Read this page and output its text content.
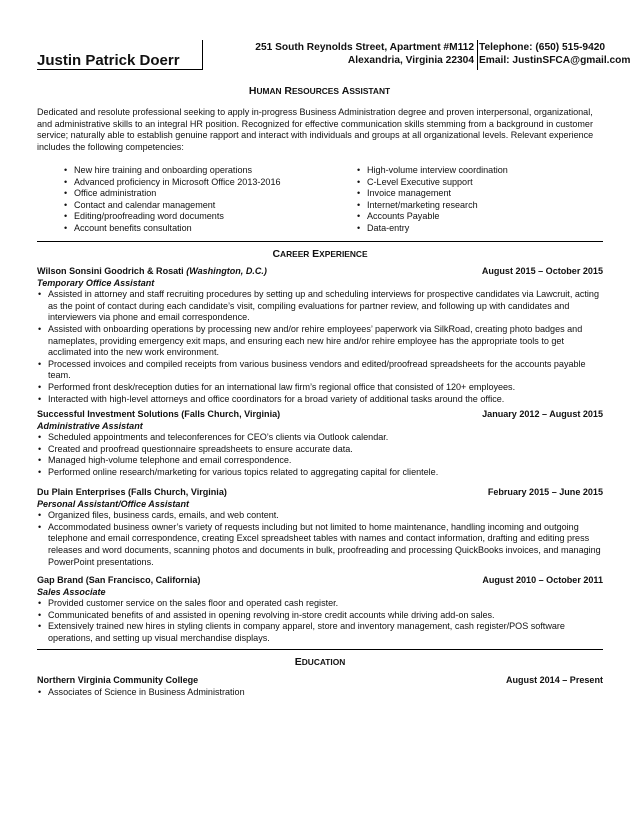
Justin Patrick Doerr
251 South Reynolds Street, Apartment #M112
Alexandria, Virginia 22304
Telephone: (650) 515-9420
Email: JustinSFCA@gmail.com
HUMAN RESOURCES ASSISTANT
Dedicated and resolute professional seeking to apply in-progress Business Administration degree and proven interpersonal, organizational, and administrative skills to an integral HR position. Recognized for effective communication skills stemming from a background in customer service; naturally able to establish genuine rapport and interact with individuals and groups at all organizational levels. Relevant experience includes the following competencies:
• New hire training and onboarding operations
• Advanced proficiency in Microsoft Office 2013-2016
• Office administration
• Contact and calendar management
• Editing/proofreading word documents
• Account benefits consultation
• High-volume interview coordination
• C-Level Executive support
• Invoice management
• Internet/marketing research
• Accounts Payable
• Data-entry
CAREER EXPERIENCE
Wilson Sonsini Goodrich & Rosati (Washington, D.C.)	August 2015 – October 2015
Temporary Office Assistant
• Assisted in attorney and staff recruiting procedures by setting up and scheduling interviews for prospective candidates via Lawcruit, acting as the point of contact during each candidate’s visit, compiling evaluations for partner review, and following up with candidates and interviewers via phone and email correspondence.
• Assisted with onboarding operations by processing new and/or rehire employees’ paperwork via SilkRoad, creating photo badges and nameplates, providing emergency exit maps, and ensuring each new hire and/or rehire employee has the appropriate tools to get acclimated into the new work environment.
• Processed invoices and compiled receipts from various business vendors and edited/proofread spreadsheets for the accounts payable team.
• Performed front desk/reception duties for an international law firm’s regional office that consisted of 120+ employees.
• Interacted with high-level attorneys and office coordinators for a broad variety of additional tasks around the office.
Successful Investment Solutions (Falls Church, Virginia)	January 2012 – August 2015
Administrative Assistant
• Scheduled appointments and teleconferences for CEO’s clients via Outlook calendar.
• Created and proofread questionnaire spreadsheets to ensure accurate data.
• Managed high-volume telephone and email correspondence.
• Performed online research/marketing for various topics related to aggregating capital for clientele.
Du Plain Enterprises (Falls Church, Virginia)	February 2015 – June 2015
Personal Assistant/Office Assistant
• Organized files, business cards, emails, and web content.
• Accommodated business owner’s variety of requests including but not limited to home maintenance, handling incoming and outgoing telephone and email correspondence, creating Excel spreadsheet tables with names and contact information, drafting and editing press releases and word documents, scanning photos and documents in bulk, proofreading and processing QuickBooks invoices, and managing PowerPoint presentations.
Gap Brand (San Francisco, California)	August 2010 – October 2011
Sales Associate
• Provided customer service on the sales floor and operated cash register.
• Communicated benefits of and assisted in opening revolving in-store credit accounts while driving add-on sales.
• Extensively trained new hires in styling clients in company apparel, store and inventory management, cash register/POS software operations, and setting up visual merchandise displays.
EDUCATION
Northern Virginia Community College	August 2014 – Present
• Associates of Science in Business Administration
